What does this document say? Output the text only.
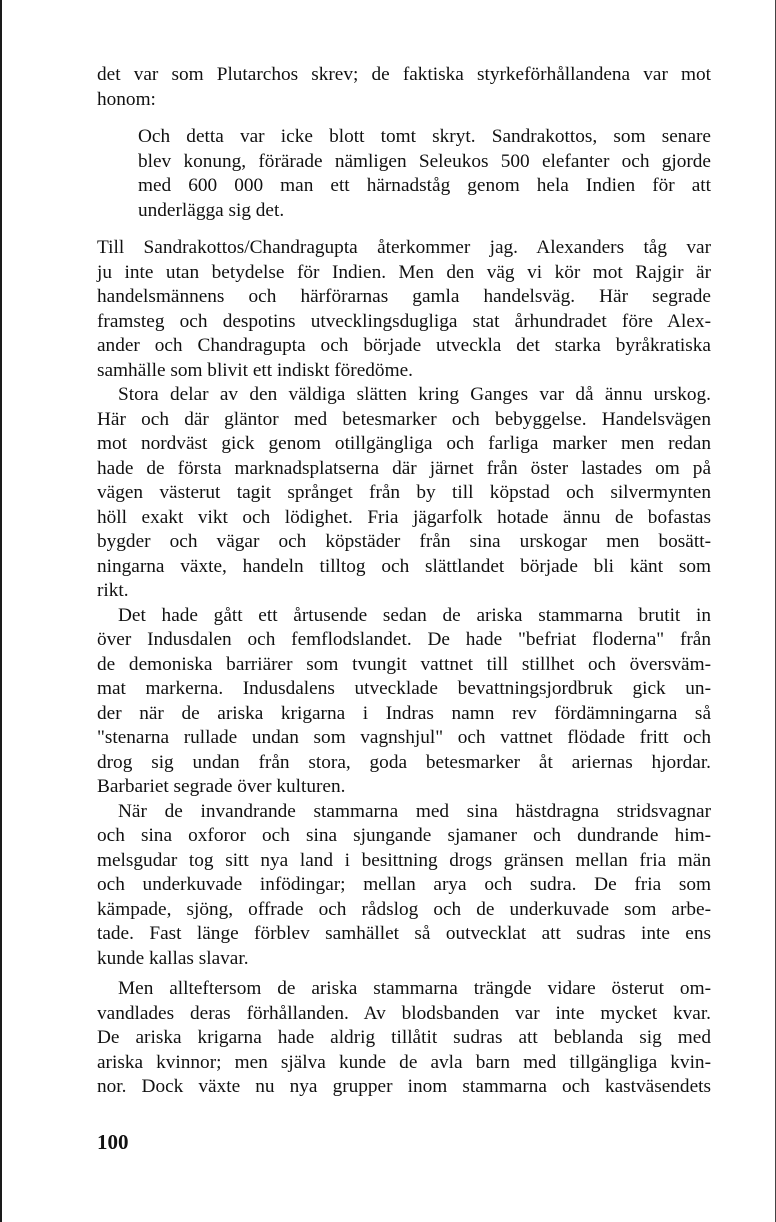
det var som Plutarchos skrev; de faktiska styrkeförhållandena var mot
honom:
Och detta var icke blott tomt skryt. Sandrakottos, som senare
blev konung, förärade nämligen Seleukos 500 elefanter och gjorde
med 600 000 man ett härnadståg genom hela Indien för att
underlägga sig det.
Till Sandrakottos/Chandragupta återkommer jag. Alexanders tåg var
ju inte utan betydelse för Indien. Men den väg vi kör mot Rajgir är
handelsmännens och härförarnas gamla handelsväg. Här segrade
framsteg och despotins utvecklingsdugliga stat århundradet före Alex-
ander och Chandragupta och började utveckla det starka byråkratiska
samhälle som blivit ett indiskt föredöme.
Stora delar av den väldiga slätten kring Ganges var då ännu urskog.
Här och där gläntor med betesmarker och bebyggelse. Handelsvägen
mot nordväst gick genom otillgängliga och farliga marker men redan
hade de första marknadsplatserna där järnet från öster lastades om på
vägen västerut tagit språnget från by till köpstad och silvermynten
höll exakt vikt och lödighet. Fria jägarfolk hotade ännu de bofastas
bygder och vägar och köpstäder från sina urskogar men bosätt-
ningarna växte, handeln tilltog och slättlandet började bli känt som
rikt.
Det hade gått ett årtusende sedan de ariska stammarna brutit in
över Indusdalen och femflodslandet. De hade "befriat floderna" från
de demoniska barriärer som tvungit vattnet till stillhet och översväm-
mat markerna. Indusdalens utvecklade bevattningsjordbruk gick un-
der när de ariska krigarna i Indras namn rev fördämningarna så
"stenarna rullade undan som vagnshjul" och vattnet flödade fritt och
drog sig undan från stora, goda betesmarker åt ariernas hjordar.
Barbariet segrade över kulturen.
När de invandrande stammarna med sina hästdragna stridsvagnar
och sina oxforor och sina sjungande sjamaner och dundrande him-
melsgudar tog sitt nya land i besittning drogs gränsen mellan fria män
och underkuvade infödingar; mellan arya och sudra. De fria som
kämpade, sjöng, offrade och rådslog och de underkuvade som arbe-
tade. Fast länge förblev samhället så outvecklat att sudras inte ens
kunde kallas slavar.
Men allteftersom de ariska stammarna trängde vidare österut om-
vandlades deras förhållanden. Av blodsbanden var inte mycket kvar.
De ariska krigarna hade aldrig tillåtit sudras att beblanda sig med
ariska kvinnor; men själva kunde de avla barn med tillgängliga kvin-
nor. Dock växte nu nya grupper inom stammarna och kastväsendets
100
